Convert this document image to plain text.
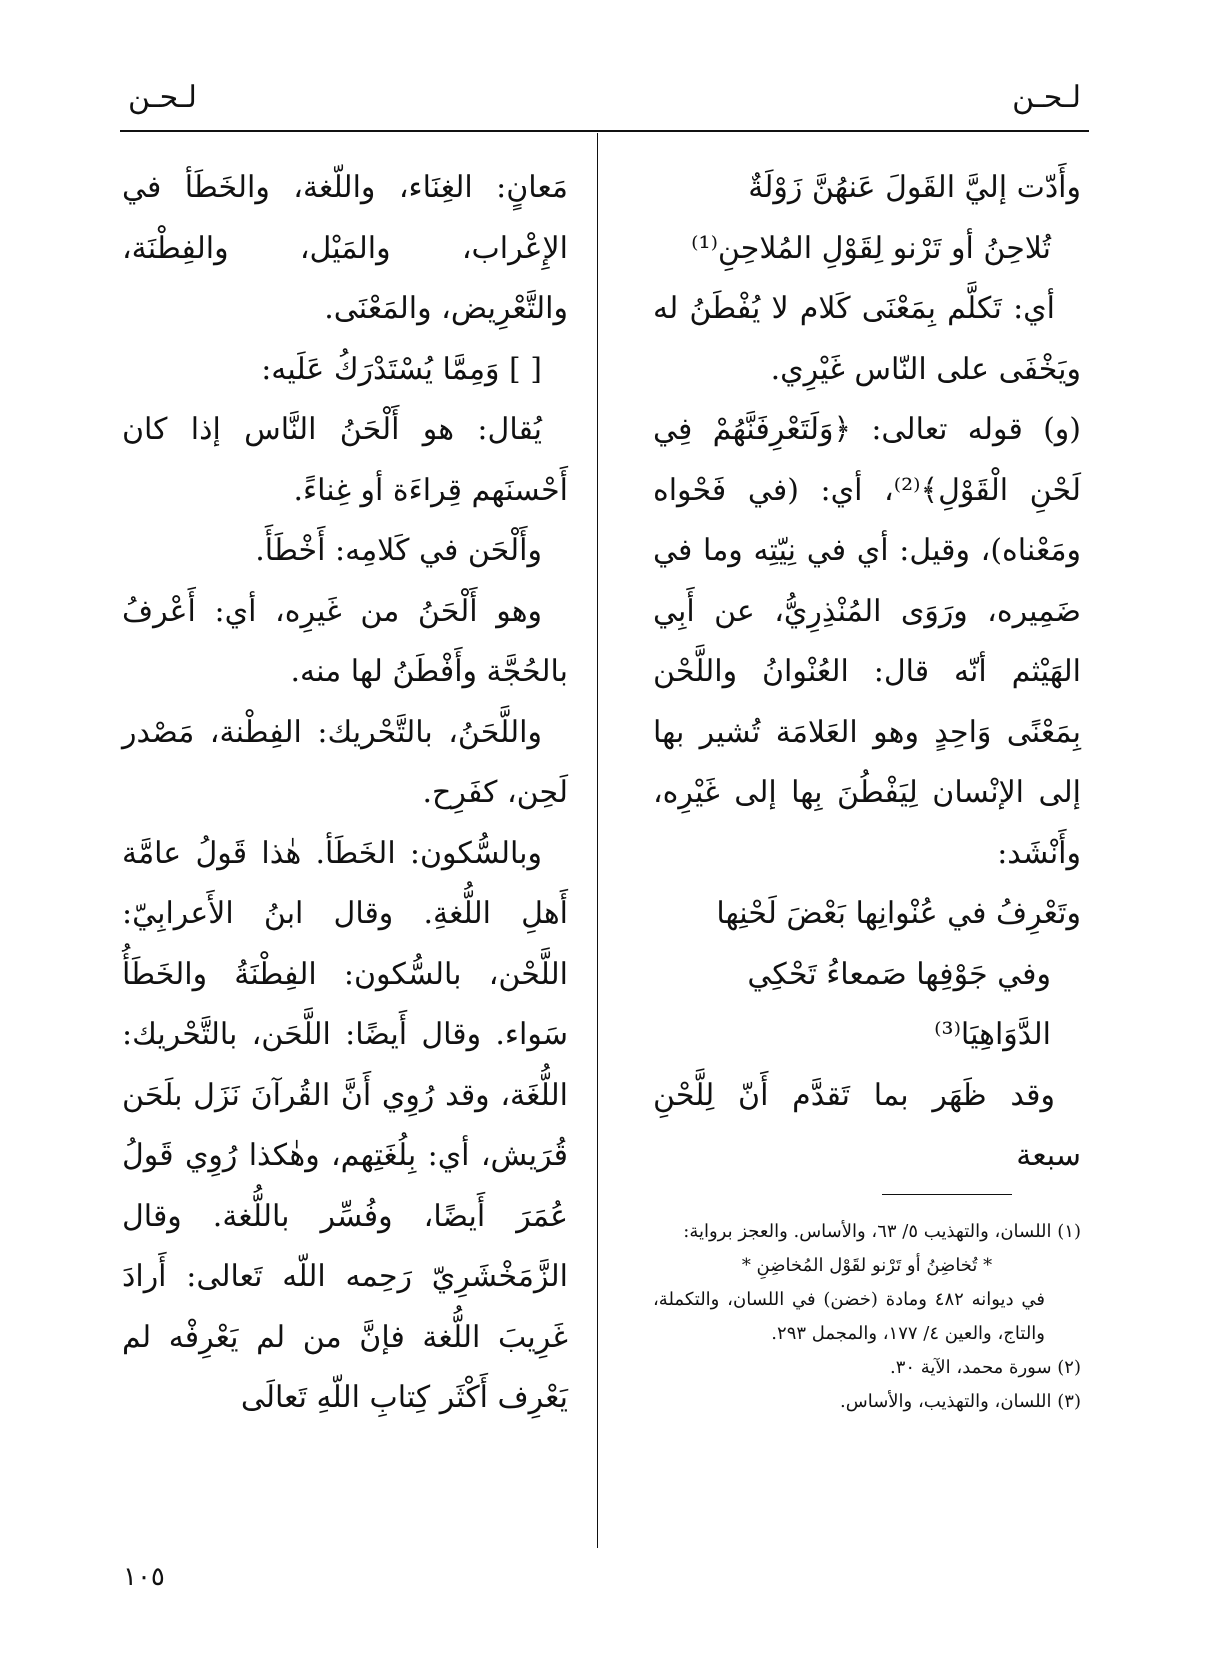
لـحـن
لـحـن

وأَدّت إليَّ القَولَ عَنهُنَّ زَوْلَةٌ

تُلاحِنُ أو تَرْنو لِقَوْلِ المُلاحِنِ⁽¹⁾

أي: تَكلَّم بِمَعْنَى كَلام لا يُفْطَنُ له ويَخْفَى على النّاس غَيْرِي.

(و) قوله تعالى: ﴿وَلَتَعْرِفَنَّهُمْ فِي لَحْنِ الْقَوْلِ﴾⁽²⁾، أي: (في فَحْواه ومَعْناه)، وقيل: أي في نِيّتِه وما في ضَمِيره، ورَوَى المُنْذِرِيُّ، عن أَبِي الهَيْثم أنّه قال: العُنْوانُ واللَّحْن بِمَعْنًى وَاحِدٍ وهو العَلامَة تُشير بها إلى الإنْسان لِيَفْطُنَ بِها إلى غَيْرِه، وأَنْشَد:

وتَعْرِفُ في عُنْوانِها بَعْضَ لَحْنِها

وفي جَوْفِها صَمعاءُ تَحْكِي الدَّوَاهِيَا⁽³⁾

وقد ظَهَر بما تَقدَّم أَنّ لِلَّحْنِ سبعة

مَعانٍ: الغِنَاء، واللّغة، والخَطَأ في الإِعْراب، والمَيْل، والفِطْنَة، والتَّعْرِيض، والمَعْنَى.

[ ] وَمِمَّا يُسْتَدْرَكُ عَلَيه:

يُقال: هو أَلْحَنُ النَّاس إذا كان أَحْسنَهم قِراءَة أو غِناءً.

وأَلْحَن في كَلامِه: أَخْطَأَ.

وهو أَلْحَنُ من غَيرِه، أي: أَعْرفُ بالحُجَّة وأَفْطَنُ لها منه.

واللَّحَنُ، بالتَّحْريك: الفِطْنة، مَصْدر لَحِن، كفَرِح.

وبالسُّكون: الخَطَأ. هٰذا قَولُ عامَّة أَهلِ اللُّغةِ. وقال ابنُ الأَعرابِيّ: اللَّحْن، بالسُّكون: الفِطْنَةُ والخَطَأُ سَواء. وقال أَيضًا: اللَّحَن، بالتَّحْريك: اللُّغَة، وقد رُوِي أَنَّ القُرآنَ نَزَل بلَحَن قُرَيش، أي: بِلُغَتِهم، وهٰكذا رُوِي قَولُ عُمَرَ أَيضًا، وفُسِّر باللُّغة. وقال الزَّمَخْشَرِيّ رَحِمه اللّه تَعالى: أَرادَ غَرِيبَ اللُّغة فإنَّ من لم يَعْرِفْه لم يَعْرِف أَكْثَر كِتابِ اللّهِ تَعالَى

(١) اللسان، والتهذيب ٥/ ٦٣، والأساس. والعجز برواية:

* تُخاضِنُ أو تَرْنو لقَوْل المُخاضِنِ *

في ديوانه ٤٨٢ ومادة (خضن) في اللسان، والتكملة، والتاج، والعين ٤/ ١٧٧، والمجمل ٢٩٣.

(٢) سورة محمد، الآية ٣٠.

(٣) اللسان، والتهذيب، والأساس.

١٠٥
